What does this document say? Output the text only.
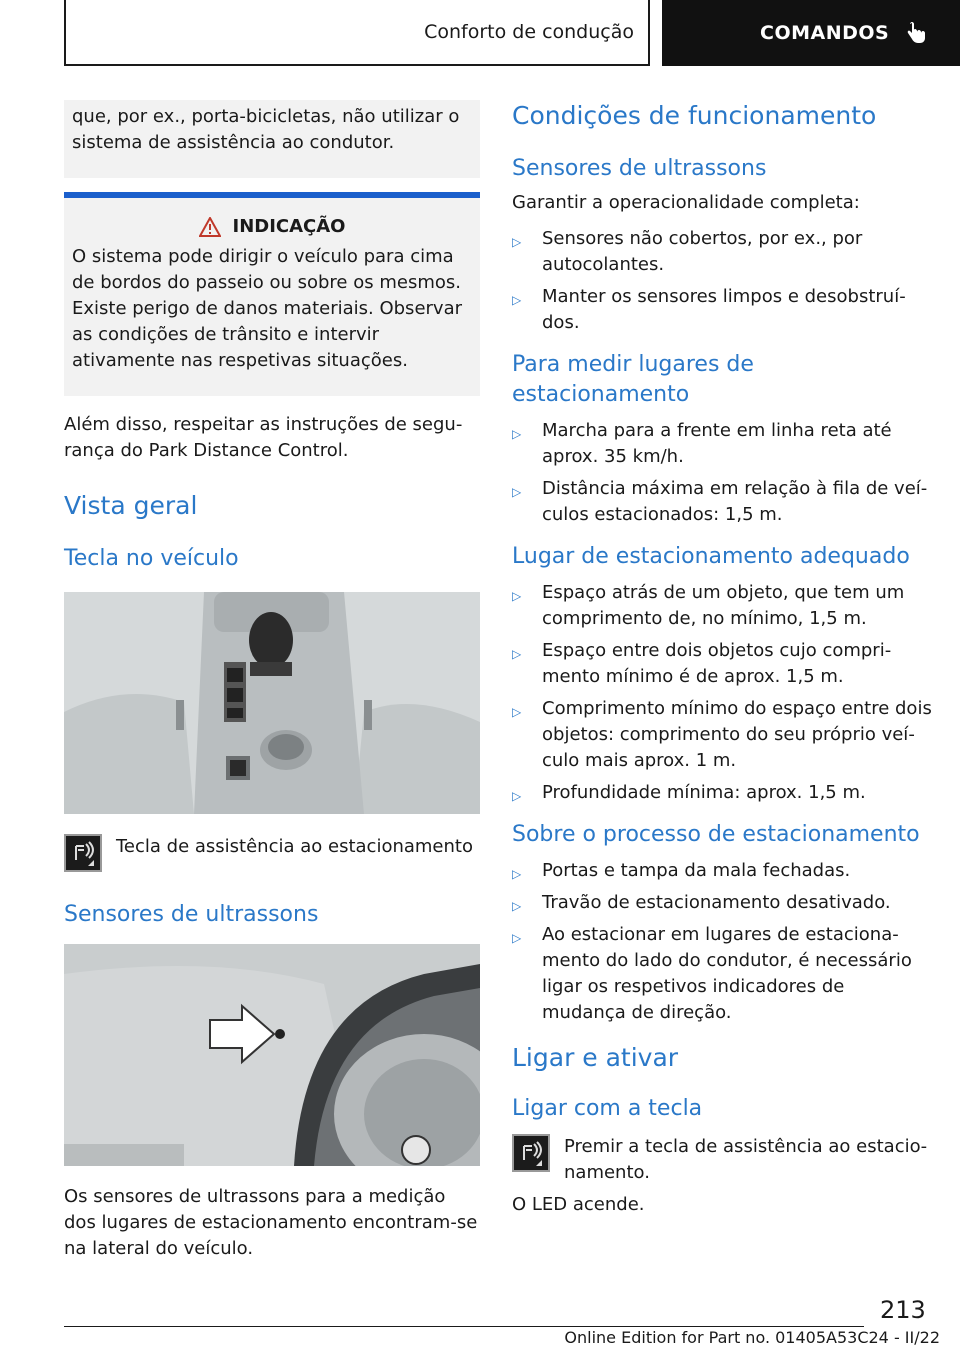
Conforto de condução	COMANDOS
que, por ex., porta-bicicletas, não utilizar o sistema de assistência ao condutor.
INDICAÇÃO
O sistema pode dirigir o veículo para cima de bordos do passeio ou sobre os mesmos. Existe perigo de danos materiais. Observar as condições de trânsito e intervir ativamente nas respetivas situações.

Além disso, respeitar as instruções de segurança do Park Distance Control.

Vista geral
Tecla no veículo
Tecla de assistência ao estacionamento
Sensores de ultrassons

Os sensores de ultrassons para a medição dos lugares de estacionamento encontram-se na lateral do veículo.

Condições de funcionamento
Sensores de ultrassons

Garantir a operacionalidade completa:

▷ Sensores não cobertos, por ex., por autocolantes.
▷ Manter os sensores limpos e desobstruídos.
Para medir lugares de estacionamento
▷ Marcha para a frente em linha reta até aprox. 35 km/h.
▷ Distância máxima em relação à fila de veículos estacionados: 1,5 m.
Lugar de estacionamento adequado
▷ Espaço atrás de um objeto, que tem um comprimento de, no mínimo, 1,5 m.
▷ Espaço entre dois objetos cujo comprimento mínimo é de aprox. 1,5 m.
▷ Comprimento mínimo do espaço entre dois objetos: comprimento do seu próprio veículo mais aprox. 1 m.
▷ Profundidade mínima: aprox. 1,5 m.
Sobre o processo de estacionamento
▷ Portas e tampa da mala fechadas.
▷ Travão de estacionamento desativado.
▷ Ao estacionar em lugares de estacionamento do lado do condutor, é necessário ligar os respetivos indicadores de mudança de direção.
Ligar e ativar
Ligar com a tecla
Premir a tecla de assistência ao estacionamento.

O LED acende.

213
Online Edition for Part no. 01405A53C24 - II/22
